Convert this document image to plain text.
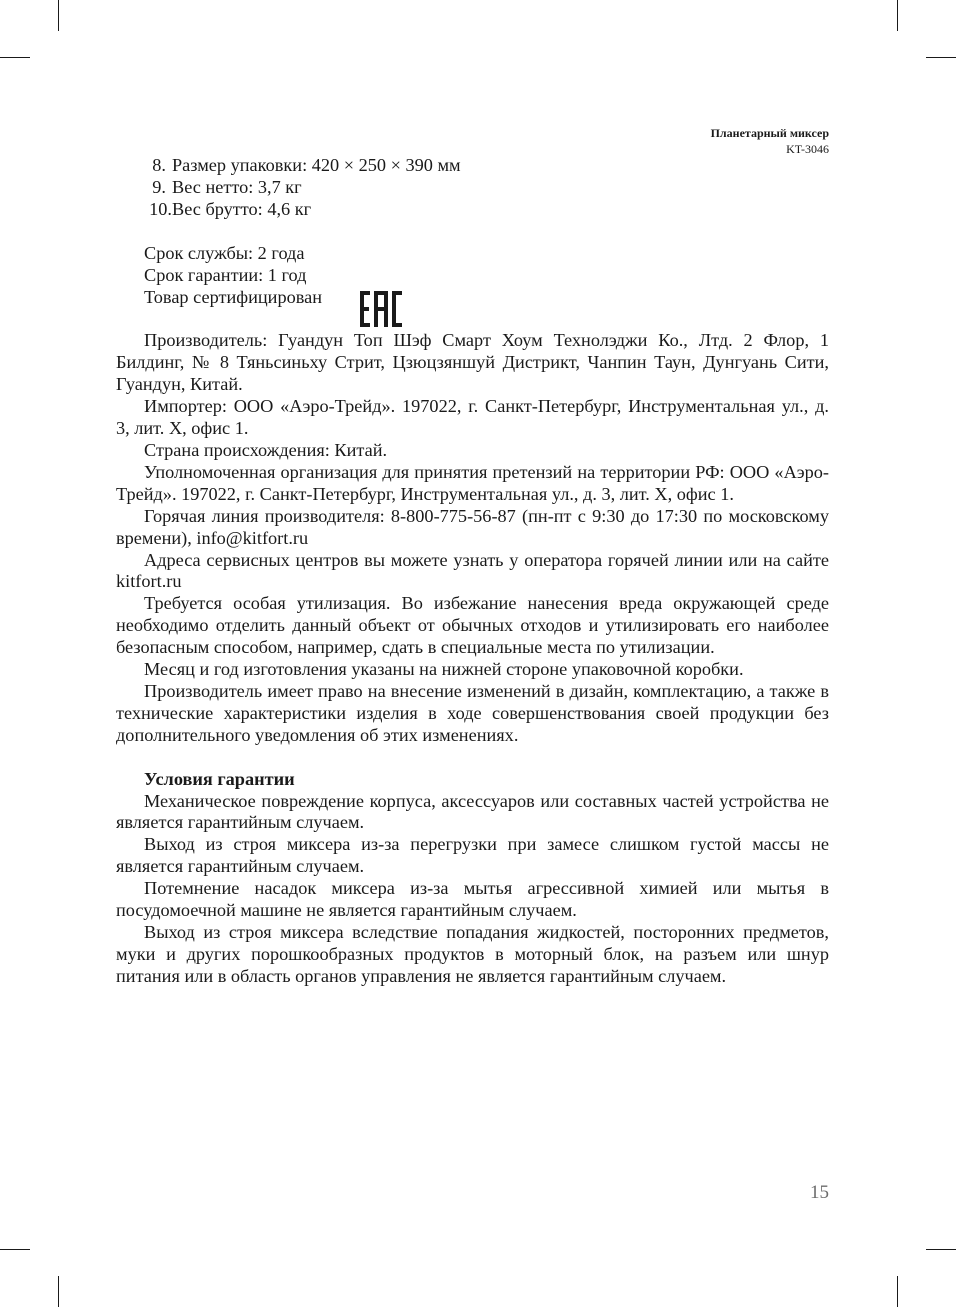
Планетарный миксер
KT-3046
8. Размер упаковки: 420 × 250 × 390 мм
9. Вес нетто: 3,7 кг
10. Вес брутто: 4,6 кг
Срок службы: 2 года
Срок гарантии: 1 год
Товар сертифицирован

Производитель: Гуандун Топ Шэф Смарт Хоум Технолэджи Ко., Лтд. 2 Флор, 1 Билдинг, № 8 Тяньсиньху Стрит, Цзюцзяншуй Дистрикт, Чанпин Таун, Дунгуань Сити, Гуандун, Китай.

Импортер: ООО «Аэро-Трейд». 197022, г. Санкт-Петербург, Инструментальная ул., д. 3, лит. Х, офис 1.

Страна происхождения: Китай.

Уполномоченная организация для принятия претензий на территории РФ: ООО «Аэро-Трейд». 197022, г. Санкт-Петербург, Инструментальная ул., д. 3, лит. Х, офис 1.

Горячая линия производителя: 8-800-775-56-87 (пн-пт с 9:30 до 17:30 по московскому времени), info@kitfort.ru

Адреса сервисных центров вы можете узнать у оператора горячей линии или на сайте kitfort.ru

Требуется особая утилизация. Во избежание нанесения вреда окружающей среде необходимо отделить данный объект от обычных отходов и утилизировать его наиболее безопасным способом, например, сдать в специальные места по утилизации.

Месяц и год изготовления указаны на нижней стороне упаковочной коробки.

Производитель имеет право на внесение изменений в дизайн, комплектацию, а также в технические характеристики изделия в ходе совершенствования своей продукции без дополнительного уведомления об этих изменениях.

Условия гарантии

Механическое повреждение корпуса, аксессуаров или составных частей устройства не является гарантийным случаем.

Выход из строя миксера из-за перегрузки при замесе слишком густой массы не является гарантийным случаем.

Потемнение насадок миксера из-за мытья агрессивной химией или мытья в посудомоечной машине не является гарантийным случаем.

Выход из строя миксера вследствие попадания жидкостей, посторонних предметов, муки и других порошкообразных продуктов в моторный блок, на разъем или шнур питания или в область органов управления не является гарантийным случаем.

15
